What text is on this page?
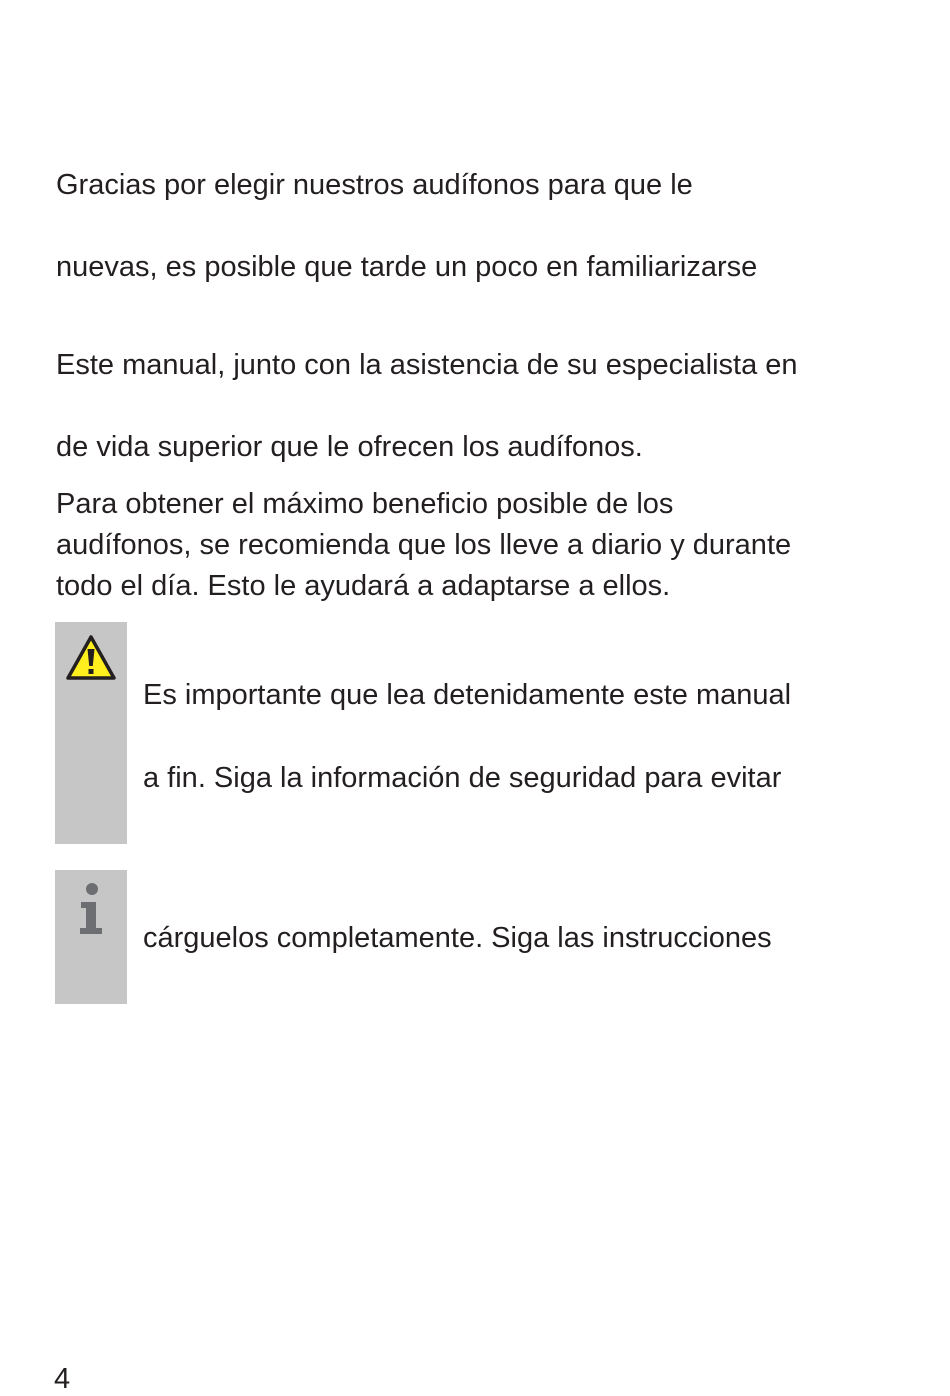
Gracias por elegir nuestros audífonos para que le

nuevas, es posible que tarde un poco en familiarizarse

Este manual, junto con la asistencia de su especialista en

de vida superior que le ofrecen los audífonos.

Para obtener el máximo beneficio posible de los

audífonos, se recomienda que los lleve a diario y durante

todo el día. Esto le ayudará a adaptarse a ellos.

Es importante que lea detenidamente este manual

a fin. Siga la información de seguridad para evitar

cárguelos completamente. Siga las instrucciones

4
